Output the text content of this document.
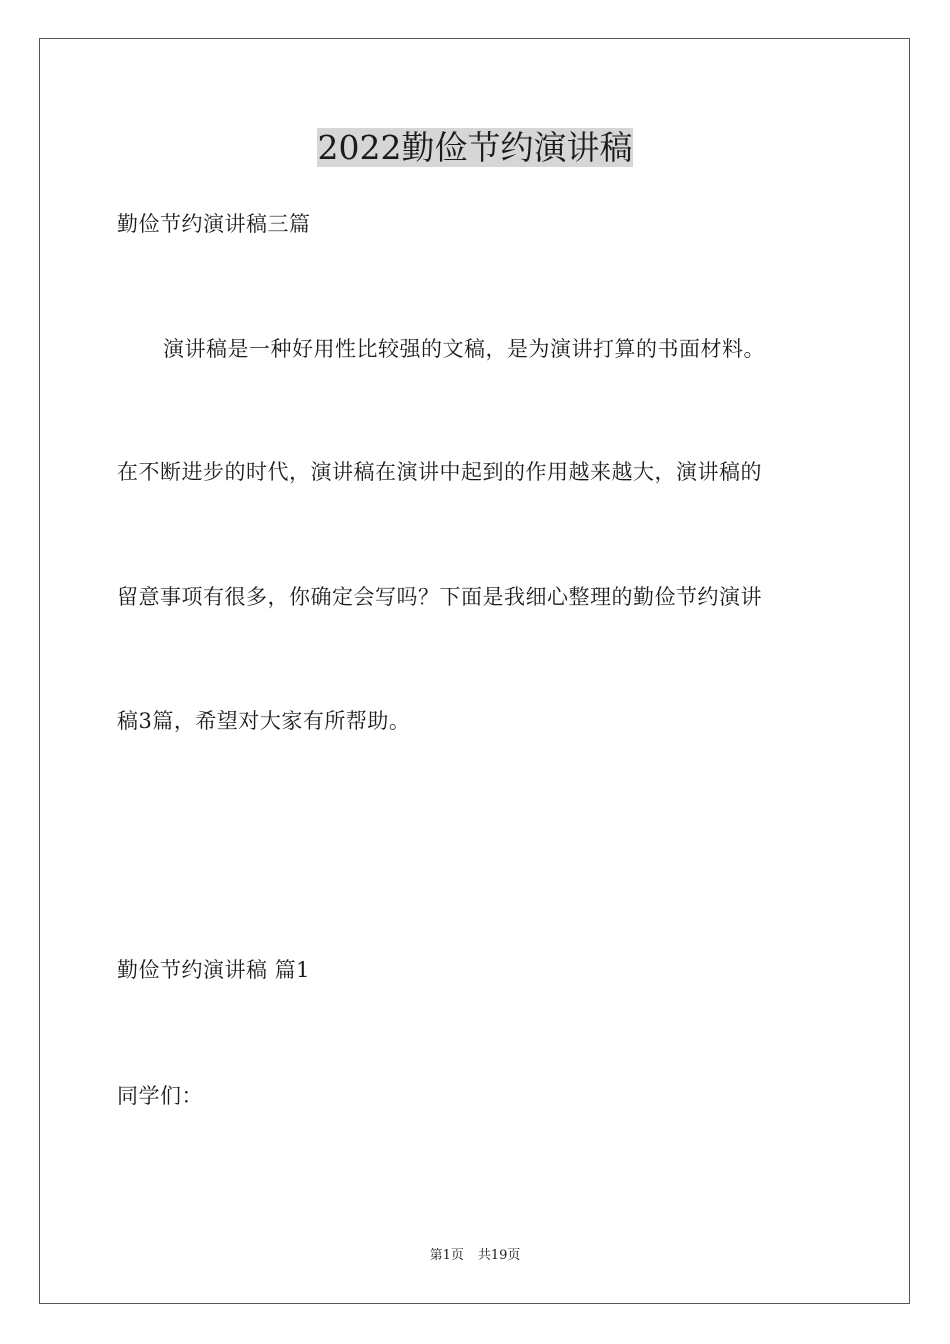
2022勤俭节约演讲稿
勤俭节约演讲稿三篇
演讲稿是一种好用性比较强的文稿，是为演讲打算的书面材料。
在不断进步的时代，演讲稿在演讲中起到的作用越来越大，演讲稿的
留意事项有很多，你确定会写吗？下面是我细心整理的勤俭节约演讲
稿3篇，希望对大家有所帮助。
勤俭节约演讲稿 篇1
同学们：
第1页 共19页
